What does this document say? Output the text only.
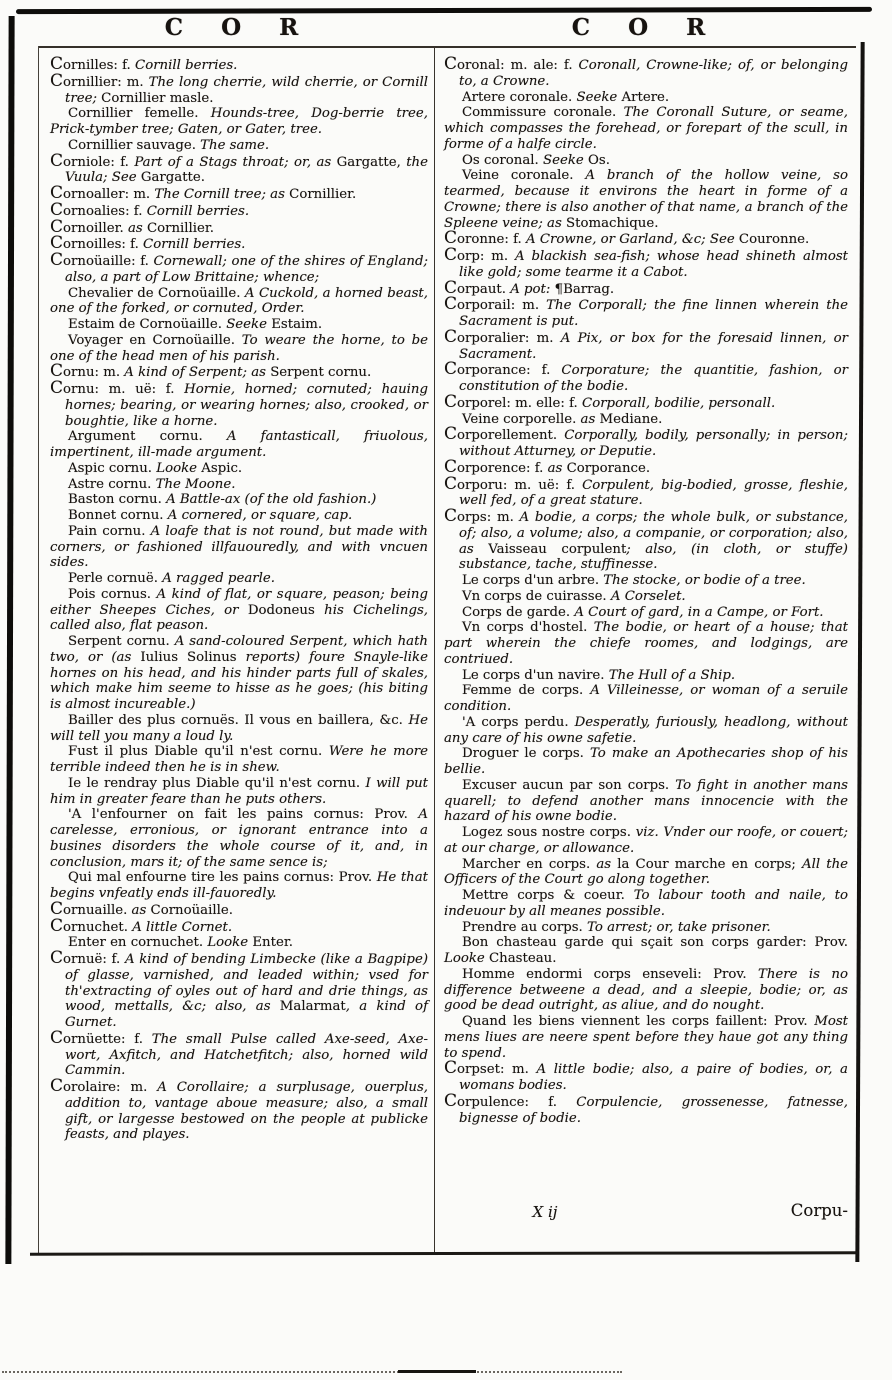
C O R	C O R

Cornilles: f. Cornill berries.

Cornillier: m. The long cherrie, wild cherrie, or Cornill tree; Cornillier masle.

Cornillier femelle. Hounds-tree, Dog-berrie tree, Prick-tymber tree; Gaten, or Gater, tree.

Cornillier sauvage. The same.

Corniole: f. Part of a Stags throat; or, as Gargatte, the Vuula; See Gargatte.

Cornoaller: m. The Cornill tree; as Cornillier.

Cornoalies: f. Cornill berries.

Cornoiller. as Cornillier.

Cornoilles: f. Cornill berries.

Cornoüaille: f. Cornewall; one of the shires of England; also, a part of Low Brittaine; whence;

Chevalier de Cornoüaille. A Cuckold, a horned beast, one of the forked, or cornuted, Order.

Estaim de Cornoüaille. Seeke Estaim.

Voyager en Cornoüaille. To weare the horne, to be one of the head men of his parish.

Cornu: m. A kind of Serpent; as Serpent cornu.

Cornu: m. uë: f. Hornie, horned; cornuted; hauing hornes; bearing, or wearing hornes; also, crooked, or boughtie, like a horne.

Argument cornu. A fantasticall, friuolous, impertinent, ill-made argument.

Aspic cornu. Looke Aspic.

Astre cornu. The Moone.

Baston cornu. A Battle-ax (of the old fashion.)

Bonnet cornu. A cornered, or square, cap.

Pain cornu. A loafe that is not round, but made with corners, or fashioned illfauouredly, and with vncuen sides.

Perle cornuë. A ragged pearle.

Pois cornus. A kind of flat, or square, peason; being either Sheepes Ciches, or Dodoneus his Cichelings, called also, flat peason.

Serpent cornu. A sand-coloured Serpent, which hath two, or (as Iulius Solinus reports) foure Snayle-like hornes on his head, and his hinder parts full of skales, which make him seeme to hisse as he goes; (his biting is almost incureable.)

Bailler des plus cornuës. Il vous en baillera, &c. He will tell you many a loud ly.

Fust il plus Diable qu'il n'est cornu. Were he more terrible indeed then he is in shew.

Ie le rendray plus Diable qu'il n'est cornu. I will put him in greater feare than he puts others.

'A l'enfourner on fait les pains cornus: Prov. A carelesse, erronious, or ignorant entrance into a busines disorders the whole course of it, and, in conclusion, mars it; of the same sence is;

Qui mal enfourne tire les pains cornus: Prov. He that begins vnfeatly ends ill-fauoredly.

Cornuaille. as Cornoüaille.

Cornuchet. A little Cornet.

Enter en cornuchet. Looke Enter.

Cornuë: f. A kind of bending Limbecke (like a Bagpipe) of glasse, varnished, and leaded within; vsed for th'extracting of oyles out of hard and drie things, as wood, mettalls, &c; also, as Malarmat, a kind of Gurnet.

Cornüette: f. The small Pulse called Axe-seed, Axe-wort, Axfitch, and Hatchetfitch; also, horned wild Cammin.

Corolaire: m. A Corollaire; a surplusage, ouerplus, addition to, vantage aboue measure; also, a small gift, or largesse bestowed on the people at publicke feasts, and playes.

Coronal: m. ale: f. Coronall, Crowne-like; of, or belonging to, a Crowne.

Artere coronale. Seeke Artere.

Commissure coronale. The Coronall Suture, or seame, which compasses the forehead, or forepart of the scull, in forme of a halfe circle.

Os coronal. Seeke Os.

Veine coronale. A branch of the hollow veine, so tearmed, because it environs the heart in forme of a Crowne; there is also another of that name, a branch of the Spleene veine; as Stomachique.

Coronne: f. A Crowne, or Garland, &c; See Couronne.

Corp: m. A blackish sea-fish; whose head shineth almost like gold; some tearme it a Cabot.

Corpaut. A pot: ¶Barrag.

Corporail: m. The Corporall; the fine linnen wherein the Sacrament is put.

Corporalier: m. A Pix, or box for the foresaid linnen, or Sacrament.

Corporance: f. Corporature; the quantitie, fashion, or constitution of the bodie.

Corporel: m. elle: f. Corporall, bodilie, personall.

Veine corporelle. as Mediane.

Corporellement. Corporally, bodily, personally; in person; without Atturney, or Deputie.

Corporence: f. as Corporance.

Corporu: m. uë: f. Corpulent, big-bodied, grosse, fleshie, well fed, of a great stature.

Corps: m. A bodie, a corps; the whole bulk, or substance, of; also, a volume; also, a companie, or corporation; also, as Vaisseau corpulent; also, (in cloth, or stuffe) substance, tache, stuffinesse.

Le corps d'un arbre. The stocke, or bodie of a tree.

Vn corps de cuirasse. A Corselet.

Corps de garde. A Court of gard, in a Campe, or Fort.

Vn corps d'hostel. The bodie, or heart of a house; that part wherein the chiefe roomes, and lodgings, are contriued.

Le corps d'un navire. The Hull of a Ship.

Femme de corps. A Villeinesse, or woman of a seruile condition.

'A corps perdu. Desperatly, furiously, headlong, without any care of his owne safetie.

Droguer le corps. To make an Apothecaries shop of his bellie.

Excuser aucun par son corps. To fight in another mans quarell; to defend another mans innocencie with the hazard of his owne bodie.

Logez sous nostre corps. viz. Vnder our roofe, or couert; at our charge, or allowance.

Marcher en corps. as la Cour marche en corps; All the Officers of the Court go along together.

Mettre corps & coeur. To labour tooth and naile, to indeuour by all meanes possible.

Prendre au corps. To arrest; or, take prisoner.

Bon chasteau garde qui sçait son corps garder: Prov. Looke Chasteau.

Homme endormi corps enseveli: Prov. There is no difference betweene a dead, and a sleepie, bodie; or, as good be dead outright, as aliue, and do nought.

Quand les biens viennent les corps faillent: Prov. Most mens liues are neere spent before they haue got any thing to spend.

Corpset: m. A little bodie; also, a paire of bodies, or, a womans bodies.

Corpulence: f. Corpulencie, grossenesse, fatnesse, bignesse of bodie.

X ij	Corpu-
